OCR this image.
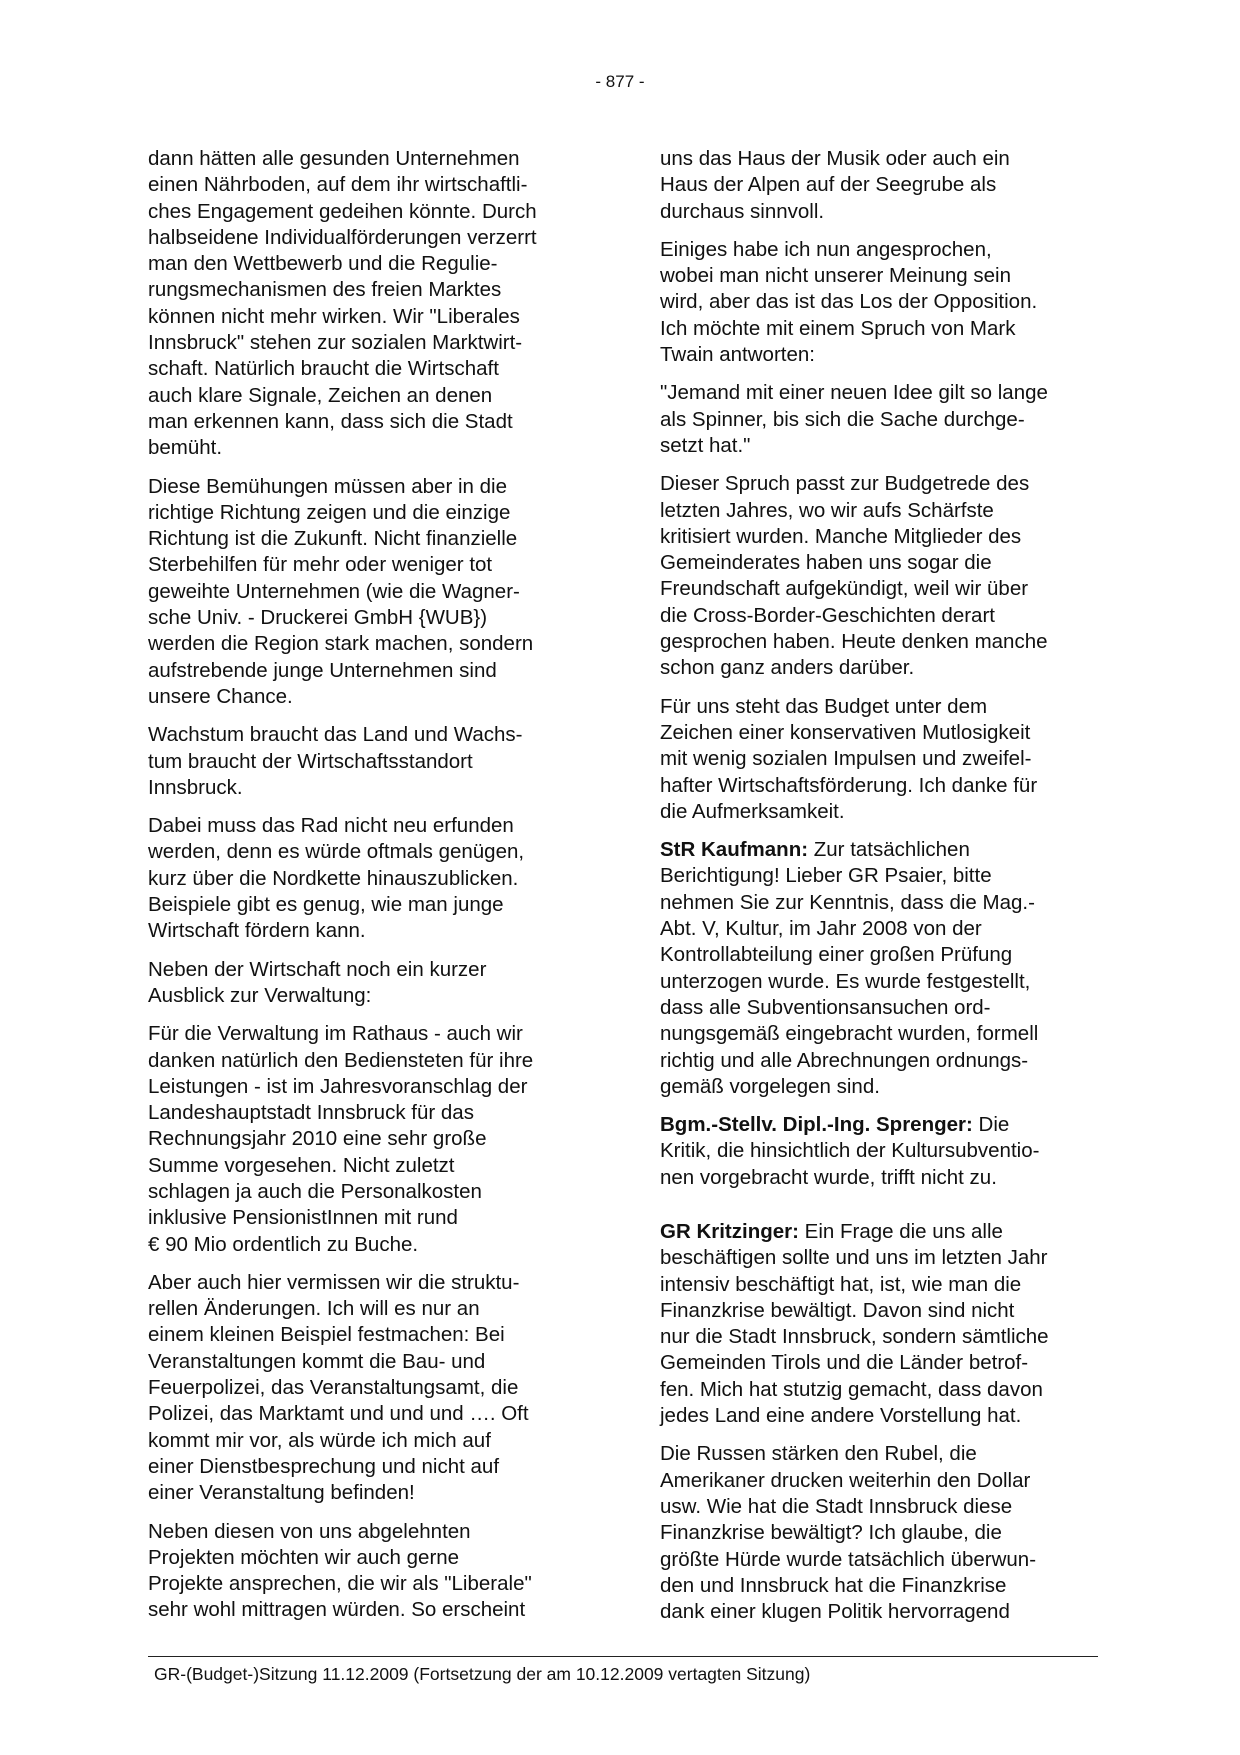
- 877 -

dann hätten alle gesunden Unternehmen
einen Nährboden, auf dem ihr wirtschaftli-
ches Engagement gedeihen könnte. Durch
halbseidene Individualförderungen verzerrt
man den Wettbewerb und die Regulie-
rungsmechanismen des freien Marktes
können nicht mehr wirken. Wir "Liberales
Innsbruck" stehen zur sozialen Marktwirt-
schaft. Natürlich braucht die Wirtschaft
auch klare Signale, Zeichen an denen
man erkennen kann, dass sich die Stadt
bemüht.

Diese Bemühungen müssen aber in die
richtige Richtung zeigen und die einzige
Richtung ist die Zukunft. Nicht finanzielle
Sterbehilfen für mehr oder weniger tot
geweihte Unternehmen (wie die Wagner-
sche Univ. - Druckerei GmbH {WUB})
werden die Region stark machen, sondern
aufstrebende junge Unternehmen sind
unsere Chance.

Wachstum braucht das Land und Wachs-
tum braucht der Wirtschaftsstandort
Innsbruck.

Dabei muss das Rad nicht neu erfunden
werden, denn es würde oftmals genügen,
kurz über die Nordkette hinauszublicken.
Beispiele gibt es genug, wie man junge
Wirtschaft fördern kann.

Neben der Wirtschaft noch ein kurzer
Ausblick zur Verwaltung:

Für die Verwaltung im Rathaus - auch wir
danken natürlich den Bediensteten für ihre
Leistungen - ist im Jahresvoranschlag der
Landeshauptstadt Innsbruck für das
Rechnungsjahr 2010 eine sehr große
Summe vorgesehen. Nicht zuletzt
schlagen ja auch die Personalkosten
inklusive PensionistInnen mit rund
€ 90 Mio ordentlich zu Buche.

Aber auch hier vermissen wir die struktu-
rellen Änderungen. Ich will es nur an
einem kleinen Beispiel festmachen: Bei
Veranstaltungen kommt die Bau- und
Feuerpolizei, das Veranstaltungsamt, die
Polizei, das Marktamt und und und …. Oft
kommt mir vor, als würde ich mich auf
einer Dienstbesprechung und nicht auf
einer Veranstaltung befinden!

Neben diesen von uns abgelehnten
Projekten möchten wir auch gerne
Projekte ansprechen, die wir als "Liberale"
sehr wohl mittragen würden. So erscheint

uns das Haus der Musik oder auch ein
Haus der Alpen auf der Seegrube als
durchaus sinnvoll.

Einiges habe ich nun angesprochen,
wobei man nicht unserer Meinung sein
wird, aber das ist das Los der Opposition.
Ich möchte mit einem Spruch von Mark
Twain antworten:

"Jemand mit einer neuen Idee gilt so lange
als Spinner, bis sich die Sache durchge-
setzt hat."

Dieser Spruch passt zur Budgetrede des
letzten Jahres, wo wir aufs Schärfste
kritisiert wurden. Manche Mitglieder des
Gemeinderates haben uns sogar die
Freundschaft aufgekündigt, weil wir über
die Cross-Border-Geschichten derart
gesprochen haben. Heute denken manche
schon ganz anders darüber.

Für uns steht das Budget unter dem
Zeichen einer konservativen Mutlosigkeit
mit wenig sozialen Impulsen und zweifel-
hafter Wirtschaftsförderung. Ich danke für
die Aufmerksamkeit.

StR Kaufmann: Zur tatsächlichen
Berichtigung! Lieber GR Psaier, bitte
nehmen Sie zur Kenntnis, dass die Mag.-
Abt. V, Kultur, im Jahr 2008 von der
Kontrollabteilung einer großen Prüfung
unterzogen wurde. Es wurde festgestellt,
dass alle Subventionsansuchen ord-
nungsgemäß eingebracht wurden, formell
richtig und alle Abrechnungen ordnungs-
gemäß vorgelegen sind.

Bgm.-Stellv. Dipl.-Ing. Sprenger: Die
Kritik, die hinsichtlich der Kultursubventio-
nen vorgebracht wurde, trifft nicht zu.

GR Kritzinger: Ein Frage die uns alle
beschäftigen sollte und uns im letzten Jahr
intensiv beschäftigt hat, ist, wie man die
Finanzkrise bewältigt. Davon sind nicht
nur die Stadt Innsbruck, sondern sämtliche
Gemeinden Tirols und die Länder betrof-
fen. Mich hat stutzig gemacht, dass davon
jedes Land eine andere Vorstellung hat.

Die Russen stärken den Rubel, die
Amerikaner drucken weiterhin den Dollar
usw. Wie hat die Stadt Innsbruck diese
Finanzkrise bewältigt? Ich glaube, die
größte Hürde wurde tatsächlich überwun-
den und Innsbruck hat die Finanzkrise
dank einer klugen Politik hervorragend

GR-(Budget-)Sitzung 11.12.2009 (Fortsetzung der am 10.12.2009 vertagten Sitzung)
